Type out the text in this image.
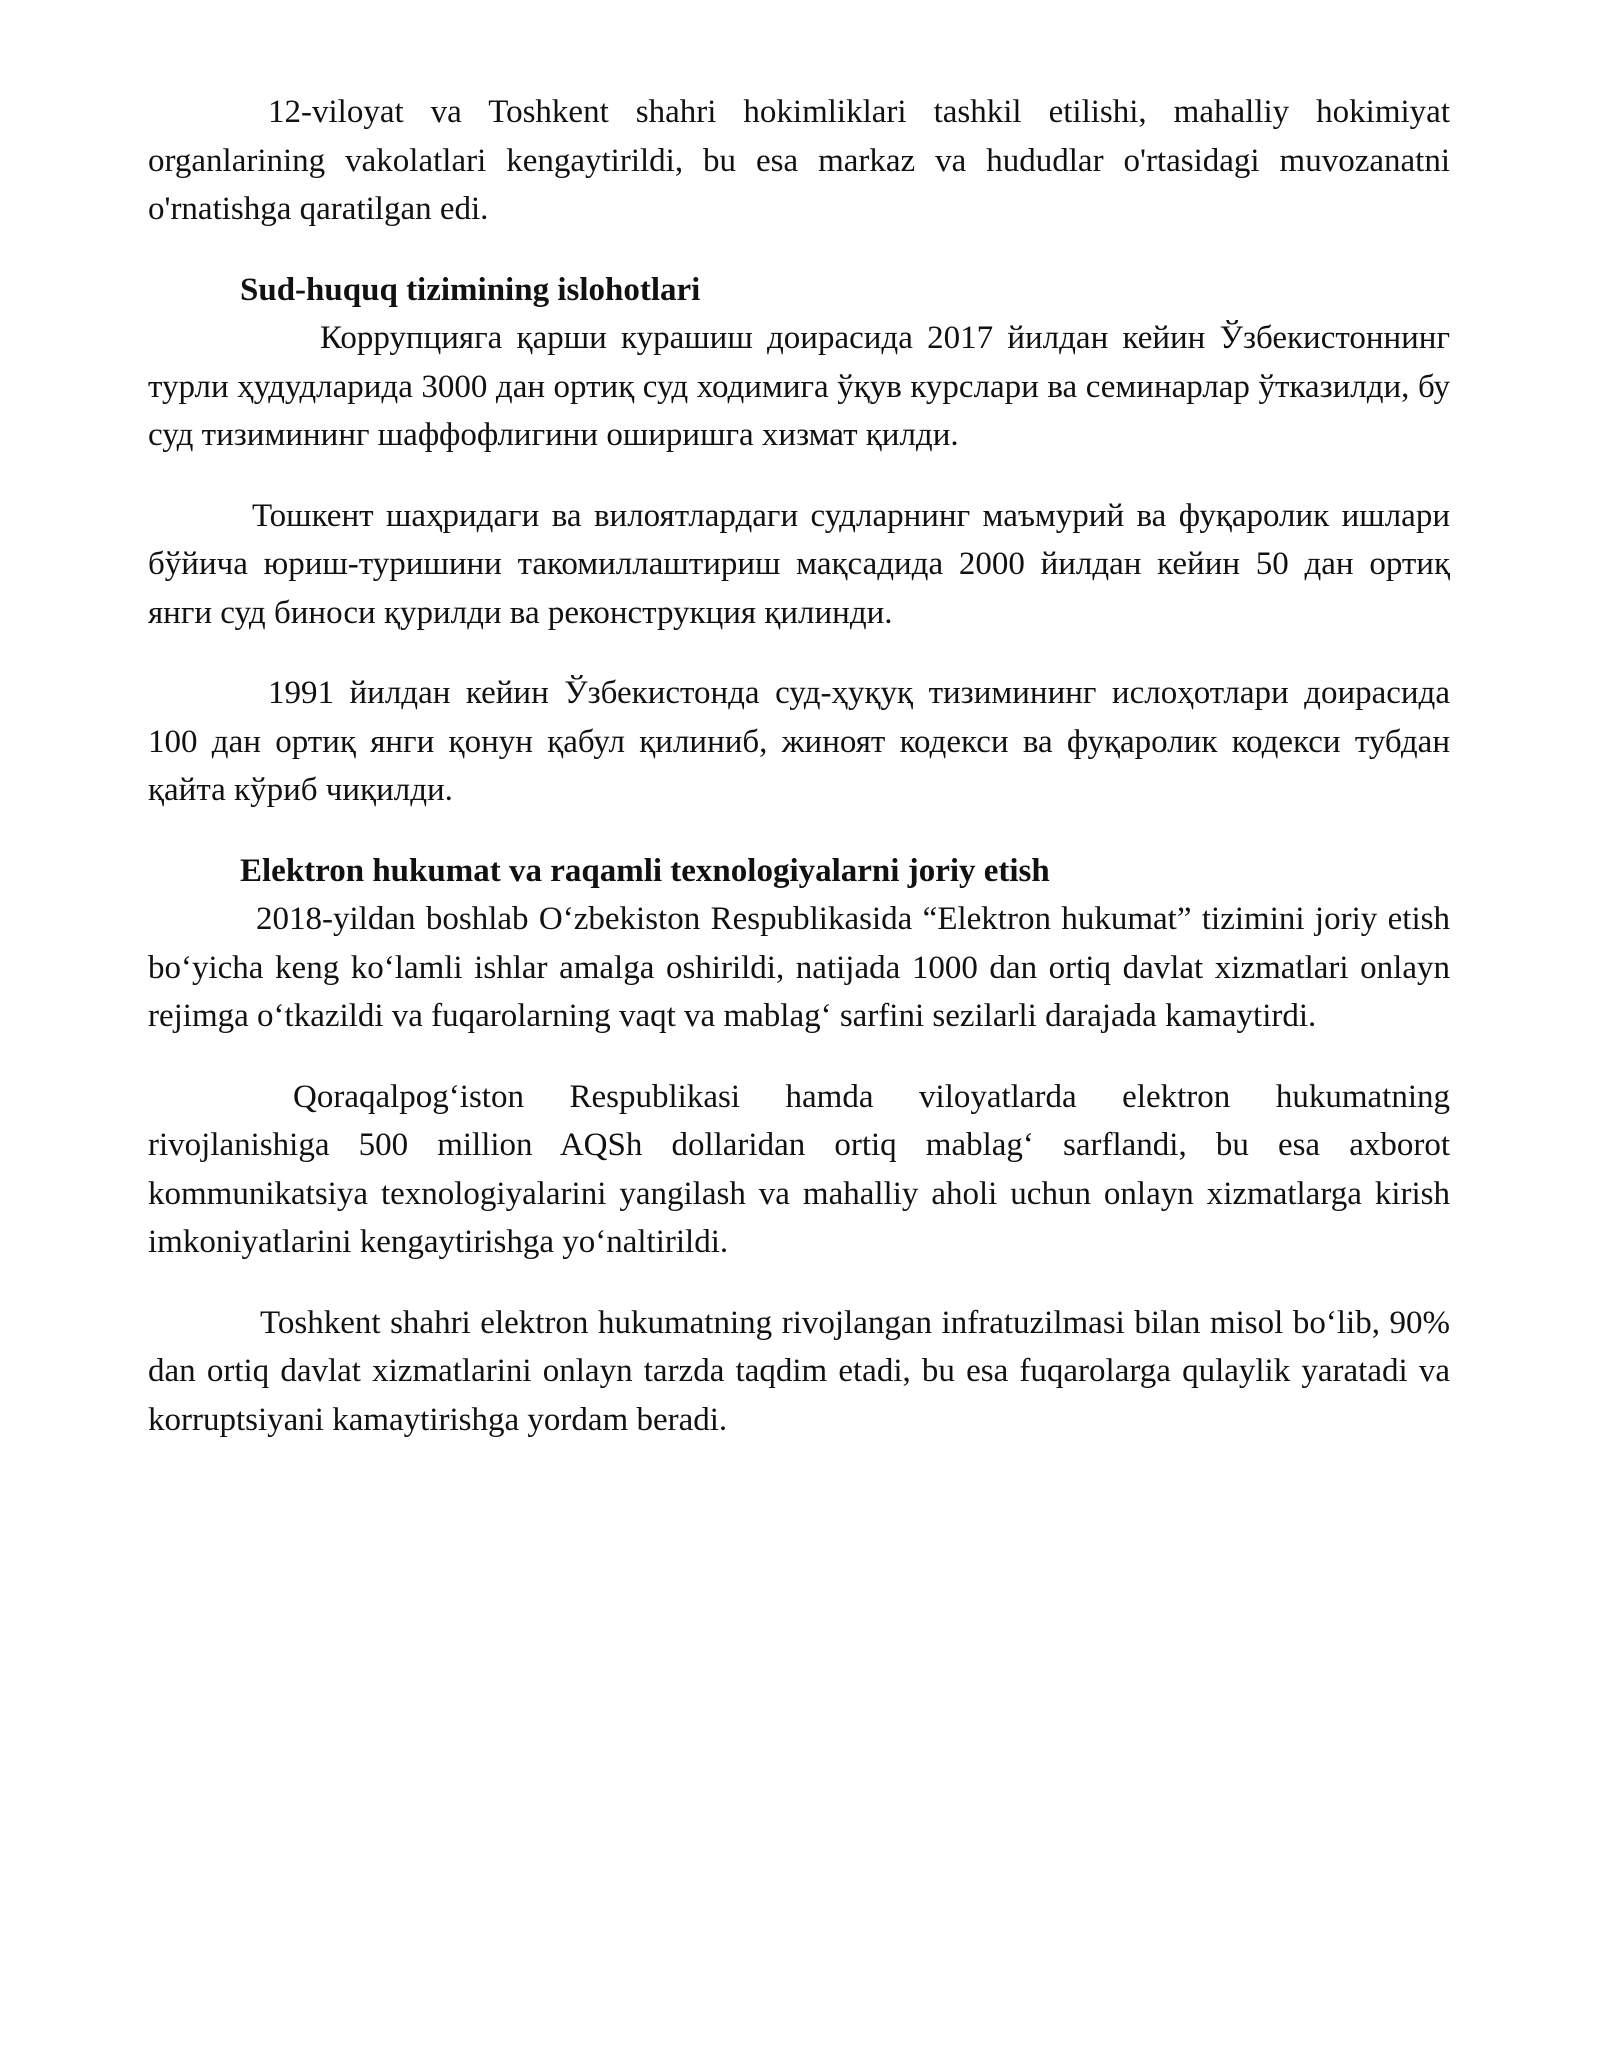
12-viloyat va Toshkent shahri hokimliklari tashkil etilishi, mahalliy hokimiyat organlarining vakolatlari kengaytirildi, bu esa markaz va hududlar o'rtasidagi muvozanatni o'rnatishga qaratilgan edi.

Sud-huquq tizimining islohotlari

Коррупцияга қарши курашиш доирасида 2017 йилдан кейин Ўзбекистоннинг турли ҳудудларида 3000 дан ортиқ суд ходимига ўқув курслари ва семинарлар ўтказилди, бу суд тизимининг шаффофлигини оширишга хизмат қилди.

Тошкент шаҳридаги ва вилоятлардаги судларнинг маъмурий ва фуқаролик ишлари бўйича юриш-туришини такомиллаштириш мақсадида 2000 йилдан кейин 50 дан ортиқ янги суд биноси қурилди ва реконструкция қилинди.

1991 йилдан кейин Ўзбекистонда суд-ҳуқуқ тизимининг ислоҳотлари доирасида 100 дан ортиқ янги қонун қабул қилиниб, жиноят кодекси ва фуқаролик кодекси тубдан қайта кўриб чиқилди.

Elektron hukumat va raqamli texnologiyalarni joriy etish

2018-yildan boshlab Oʻzbekiston Respublikasida “Elektron hukumat” tizimini joriy etish boʻyicha keng koʻlamli ishlar amalga oshirildi, natijada 1000 dan ortiq davlat xizmatlari onlayn rejimga oʻtkazildi va fuqarolarning vaqt va mablagʻ sarfini sezilarli darajada kamaytirdi.

Qoraqalpogʻiston Respublikasi hamda viloyatlarda elektron hukumatning rivojlanishiga 500 million AQSh dollaridan ortiq mablagʻ sarflandi, bu esa axborot kommunikatsiya texnologiyalarini yangilash va mahalliy aholi uchun onlayn xizmatlarga kirish imkoniyatlarini kengaytirishga yoʻnaltirildi.

Toshkent shahri elektron hukumatning rivojlangan infratuzilmasi bilan misol boʻlib, 90% dan ortiq davlat xizmatlarini onlayn tarzda taqdim etadi, bu esa fuqarolarga qulaylik yaratadi va korruptsiyani kamaytirishga yordam beradi.
